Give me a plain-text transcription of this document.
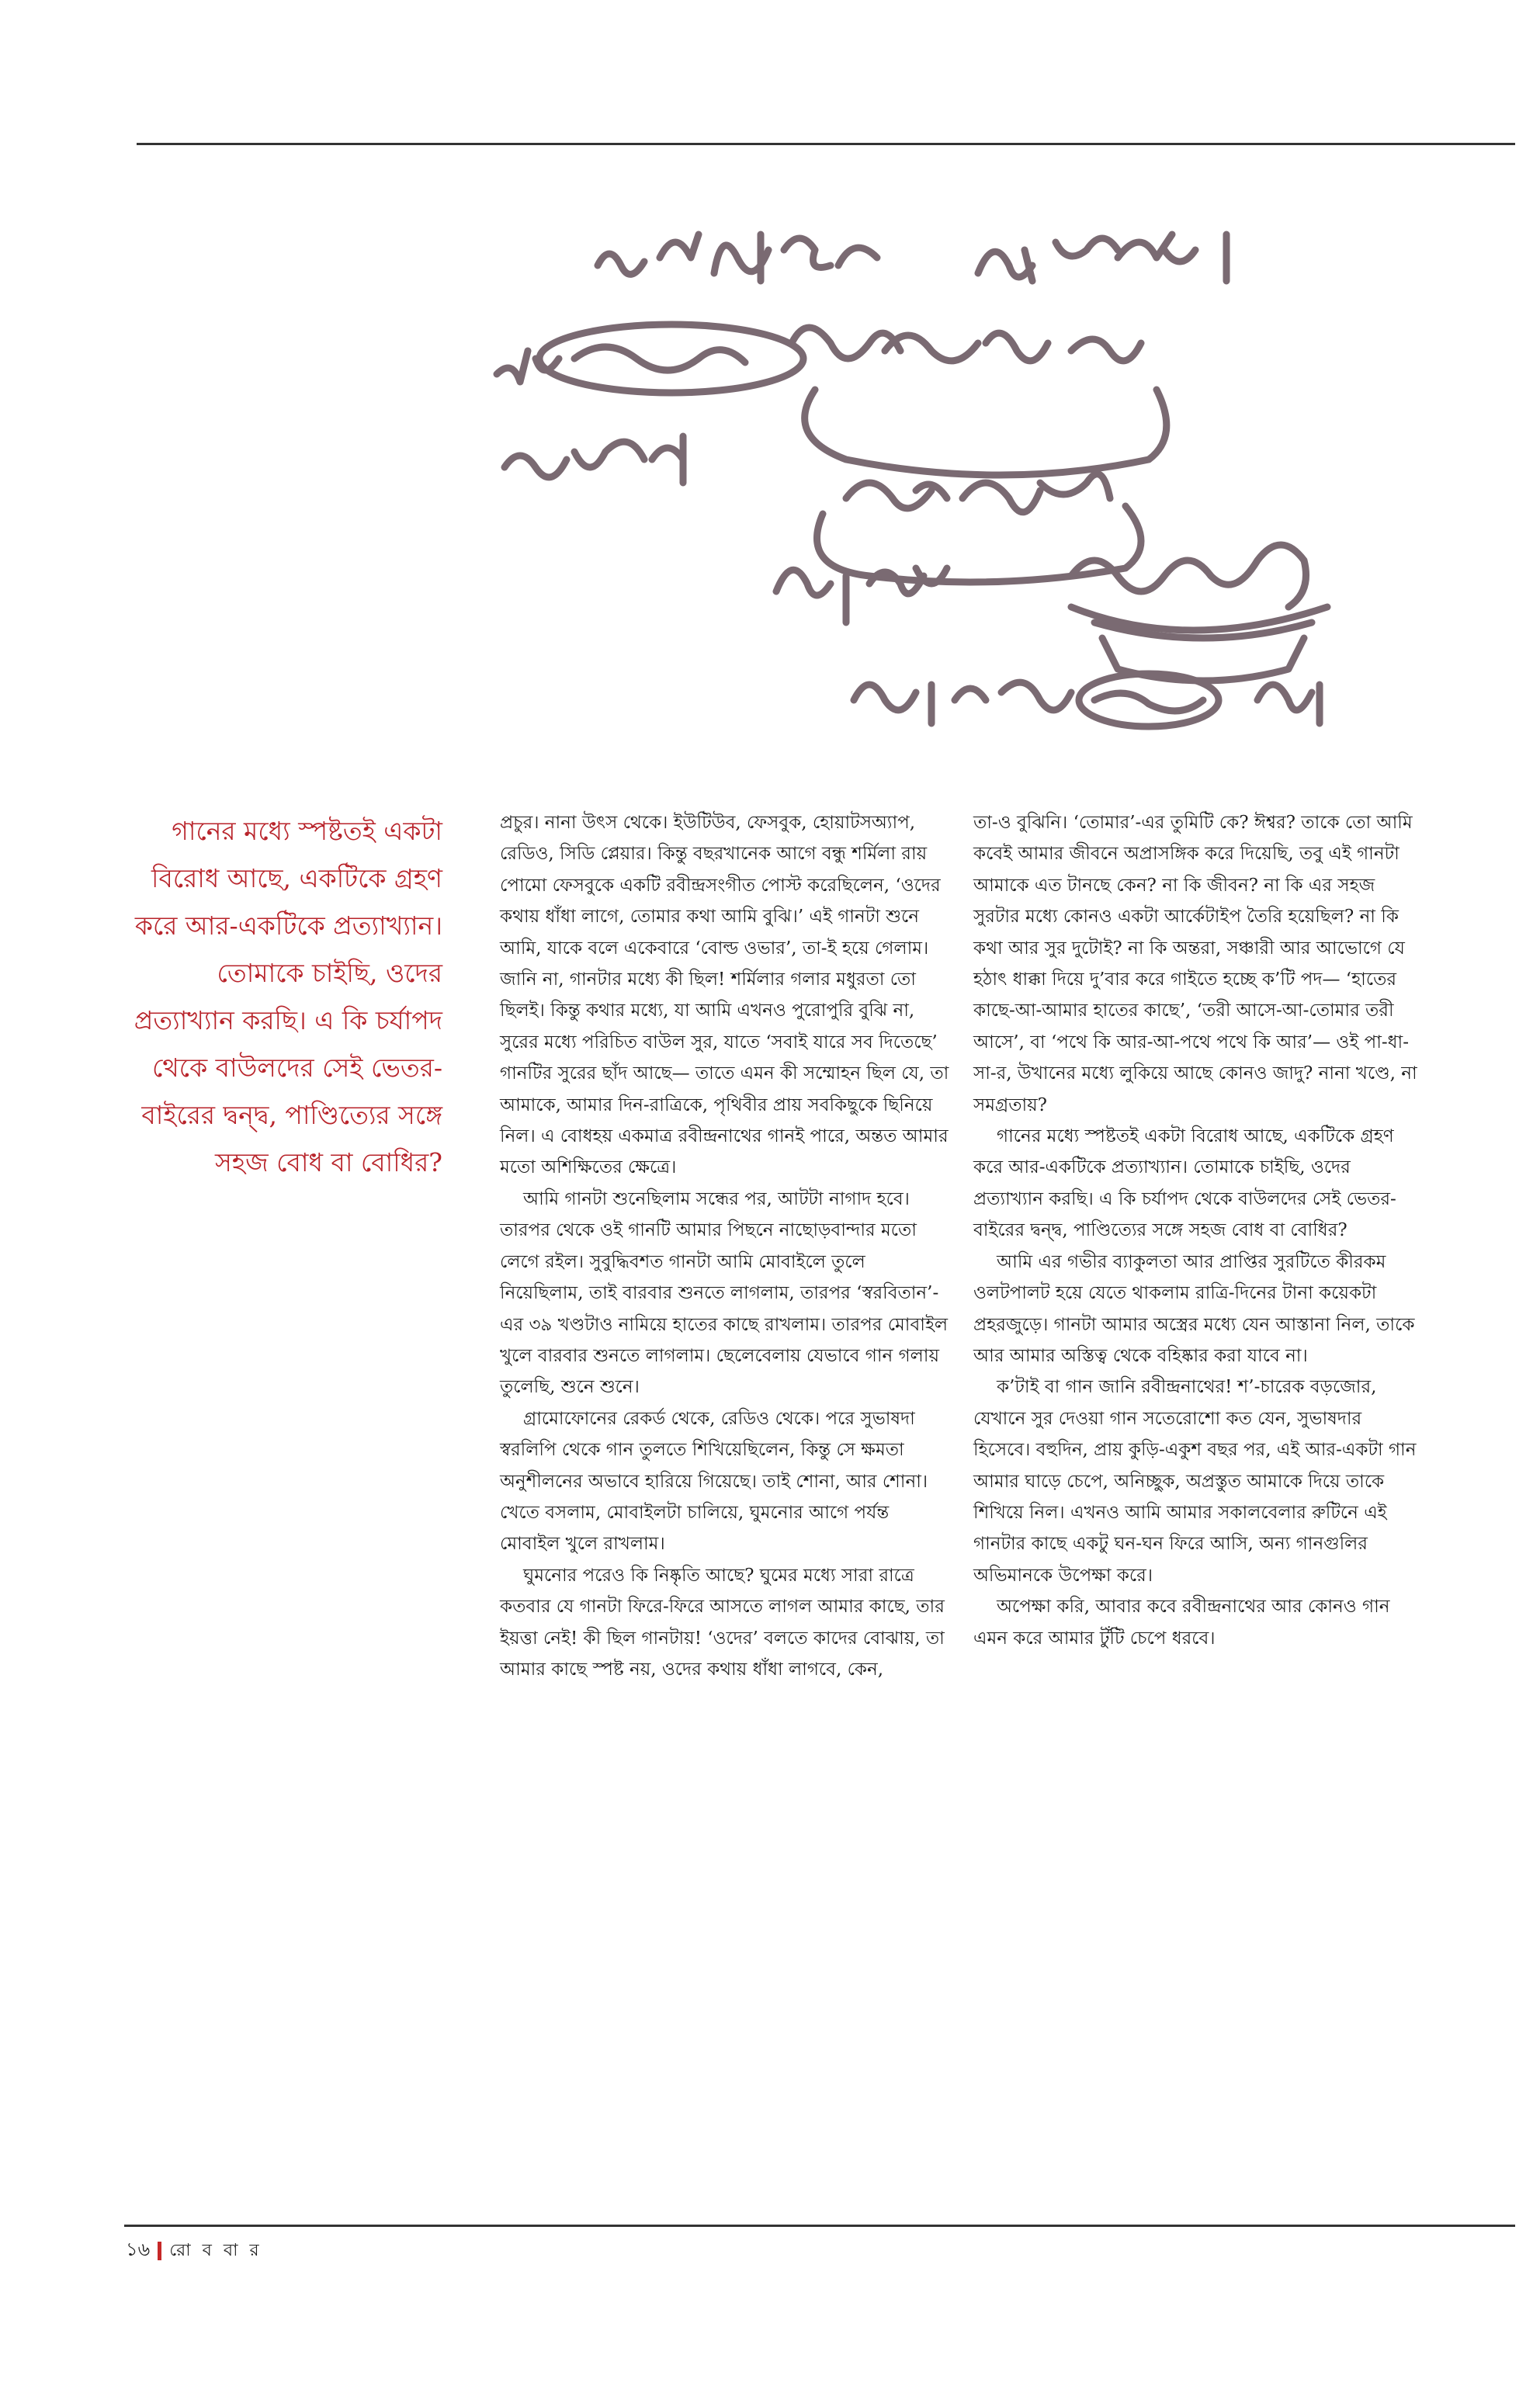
গানের মধ্যে স্পষ্টতই একটা বিরোধ আছে, একটিকে গ্রহণ করে আর-একটিকে প্রত্যাখ্যান। তোমাকে চাইছি, ওদের প্রত্যাখ্যান করছি। এ কি চর্যাপদ থেকে বাউলদের সেই ভেতর-বাইরের দ্বন্দ্ব, পাণ্ডিত্যের সঙ্গে সহজ বোধ বা বোধির?

প্রচুর। নানা উৎস থেকে। ইউটিউব, ফেসবুক, হোয়াটসঅ্যাপ, রেডিও, সিডি প্লেয়ার। কিন্তু বছরখানেক আগে বন্ধু শর্মিলা রায় পোমো ফেসবুকে একটি রবীন্দ্রসংগীত পোস্ট করেছিলেন, ‘ওদের কথায় ধাঁধা লাগে, তোমার কথা আমি বুঝি।’ এই গানটা শুনে আমি, যাকে বলে একেবারে ‘বোল্ড ওভার’, তা-ই হয়ে গেলাম। জানি না, গানটার মধ্যে কী ছিল! শর্মিলার গলার মধুরতা তো ছিলই। কিন্তু কথার মধ্যে, যা আমি এখনও পুরোপুরি বুঝি না, সুরের মধ্যে পরিচিত বাউল সুর, যাতে ‘সবাই যারে সব দিতেছে’ গানটির সুরের ছাঁদ আছে— তাতে এমন কী সম্মোহন ছিল যে, তা আমাকে, আমার দিন-রাত্রিকে, পৃথিবীর প্রায় সবকিছুকে ছিনিয়ে নিল। এ বোধহয় একমাত্র রবীন্দ্রনাথের গানই পারে, অন্তত আমার মতো অশিক্ষিতের ক্ষেত্রে।

আমি গানটা শুনেছিলাম সন্ধের পর, আটটা নাগাদ হবে। তারপর থেকে ওই গানটি আমার পিছনে নাছোড়বান্দার মতো লেগে রইল। সুবুদ্ধিবশত গানটা আমি মোবাইলে তুলে নিয়েছিলাম, তাই বারবার শুনতে লাগলাম, তারপর ‘স্বরবিতান’-এর ৩৯ খণ্ডটাও নামিয়ে হাতের কাছে রাখলাম। তারপর মোবাইল খুলে বারবার শুনতে লাগলাম। ছেলেবেলায় যেভাবে গান গলায় তুলেছি, শুনে শুনে।

গ্রামোফোনের রেকর্ড থেকে, রেডিও থেকে। পরে সুভাষদা স্বরলিপি থেকে গান তুলতে শিখিয়েছিলেন, কিন্তু সে ক্ষমতা অনুশীলনের অভাবে হারিয়ে গিয়েছে। তাই শোনা, আর শোনা। খেতে বসলাম, মোবাইলটা চালিয়ে, ঘুমনোর আগে পর্যন্ত মোবাইল খুলে রাখলাম।

ঘুমনোর পরেও কি নিষ্কৃতি আছে? ঘুমের মধ্যে সারা রাত্রে কতবার যে গানটা ফিরে-ফিরে আসতে লাগল আমার কাছে, তার ইয়ত্তা নেই! কী ছিল গানটায়! ‘ওদের’ বলতে কাদের বোঝায়, তা আমার কাছে স্পষ্ট নয়, ওদের কথায় ধাঁধা লাগবে, কেন,

তা-ও বুঝিনি। ‘তোমার’-এর তুমিটি কে? ঈশ্বর? তাকে তো আমি কবেই আমার জীবনে অপ্রাসঙ্গিক করে দিয়েছি, তবু এই গানটা আমাকে এত টানছে কেন? না কি জীবন? না কি এর সহজ সুরটার মধ্যে কোনও একটা আর্কেটাইপ তৈরি হয়েছিল? না কি কথা আর সুর দুটোই? না কি অন্তরা, সঞ্চারী আর আভোগে যে হঠাৎ ধাক্কা দিয়ে দু’বার করে গাইতে হচ্ছে ক’টি পদ— ‘হাতের কাছে-আ-আমার হাতের কাছে’, ‘তরী আসে-আ-তোমার তরী আসে’, বা ‘পথে কি আর-আ-পথে পথে কি আর’— ওই পা-ধা-সা-র, উখানের মধ্যে লুকিয়ে আছে কোনও জাদু? নানা খণ্ডে, না সমগ্রতায়?

গানের মধ্যে স্পষ্টতই একটা বিরোধ আছে, একটিকে গ্রহণ করে আর-একটিকে প্রত্যাখ্যান। তোমাকে চাইছি, ওদের প্রত্যাখ্যান করছি। এ কি চর্যাপদ থেকে বাউলদের সেই ভেতর-বাইরের দ্বন্দ্ব, পাণ্ডিত্যের সঙ্গে সহজ বোধ বা বোধির?

আমি এর গভীর ব্যাকুলতা আর প্রাপ্তির সুরটিতে কীরকম ওলটপালট হয়ে যেতে থাকলাম রাত্রি-দিনের টানা কয়েকটা প্রহরজুড়ে। গানটা আমার অস্ত্রের মধ্যে যেন আস্তানা নিল, তাকে আর আমার অস্তিত্ব থেকে বহিষ্কার করা যাবে না।

ক’টাই বা গান জানি রবীন্দ্রনাথের! শ’-চারেক বড়জোর, যেখানে সুর দেওয়া গান সতেরোশো কত যেন, সুভাষদার হিসেবে। বহুদিন, প্রায় কুড়ি-একুশ বছর পর, এই আর-একটা গান আমার ঘাড়ে চেপে, অনিচ্ছুক, অপ্রস্তুত আমাকে দিয়ে তাকে শিখিয়ে নিল। এখনও আমি আমার সকালবেলার রুটিনে এই গানটার কাছে একটু ঘন-ঘন ফিরে আসি, অন্য গানগুলির অভিমানকে উপেক্ষা করে।

অপেক্ষা করি, আবার কবে রবীন্দ্রনাথের আর কোনও গান এমন করে আমার টুঁটি চেপে ধরবে।

১৬ রো ব বা র
